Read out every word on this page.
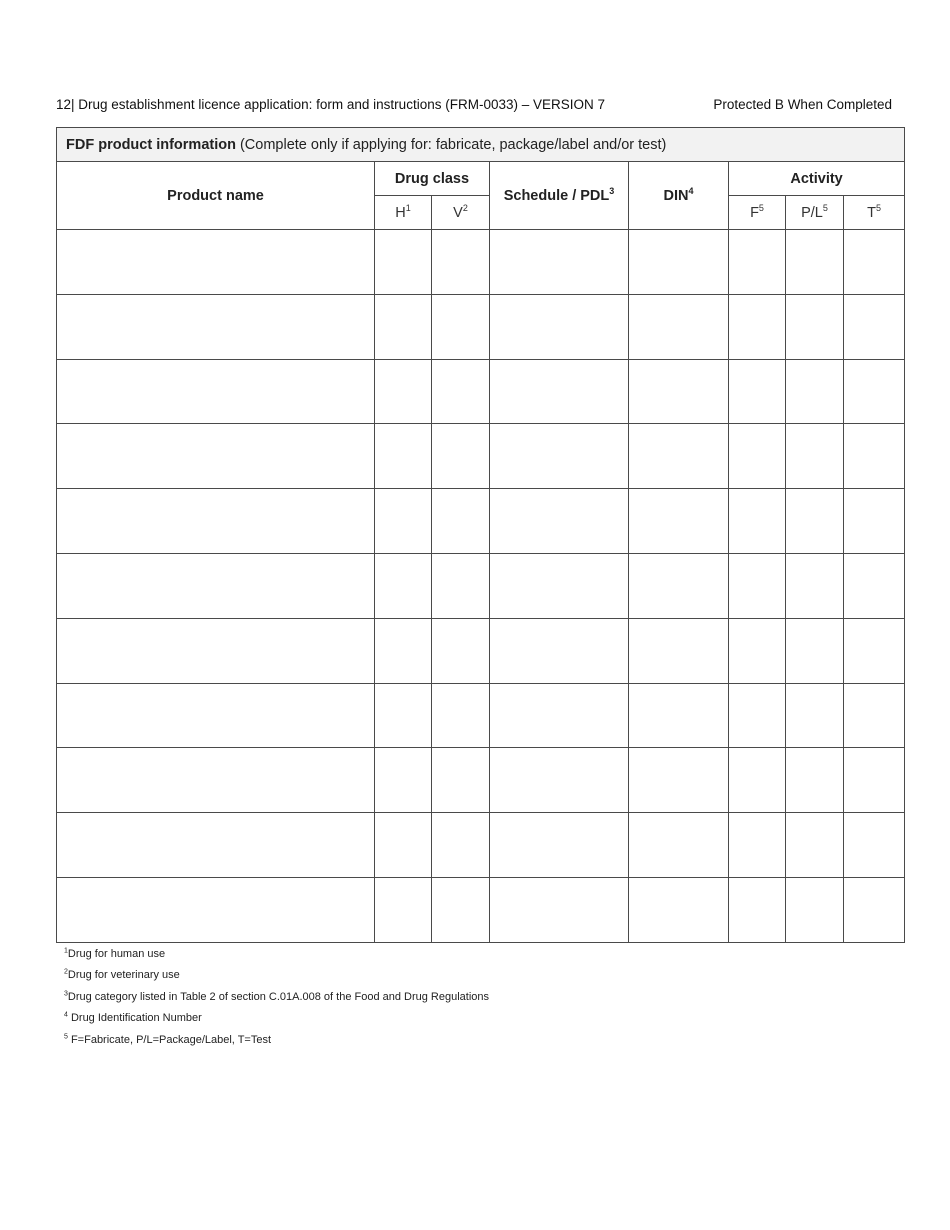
12| Drug establishment licence application: form and instructions (FRM-0033) – VERSION 7	Protected B When Completed
FDF product information (Complete only if applying for: fabricate, package/label and/or test)							
Product name	Drug class		Schedule / PDL$^3$	DIN$^4$	Activity		
	$H^1$	$V^2$			$F^5$	$P/L^5$	$T^5$

$^1$Drug for human use
$^2$Drug for veterinary use
$^3$Drug category listed in Table 2 of section C.01A.008 of the Food and Drug Regulations
$^4$ Drug Identification Number
$^5$ F=Fabricate, P/L=Package/Label, T=Test
